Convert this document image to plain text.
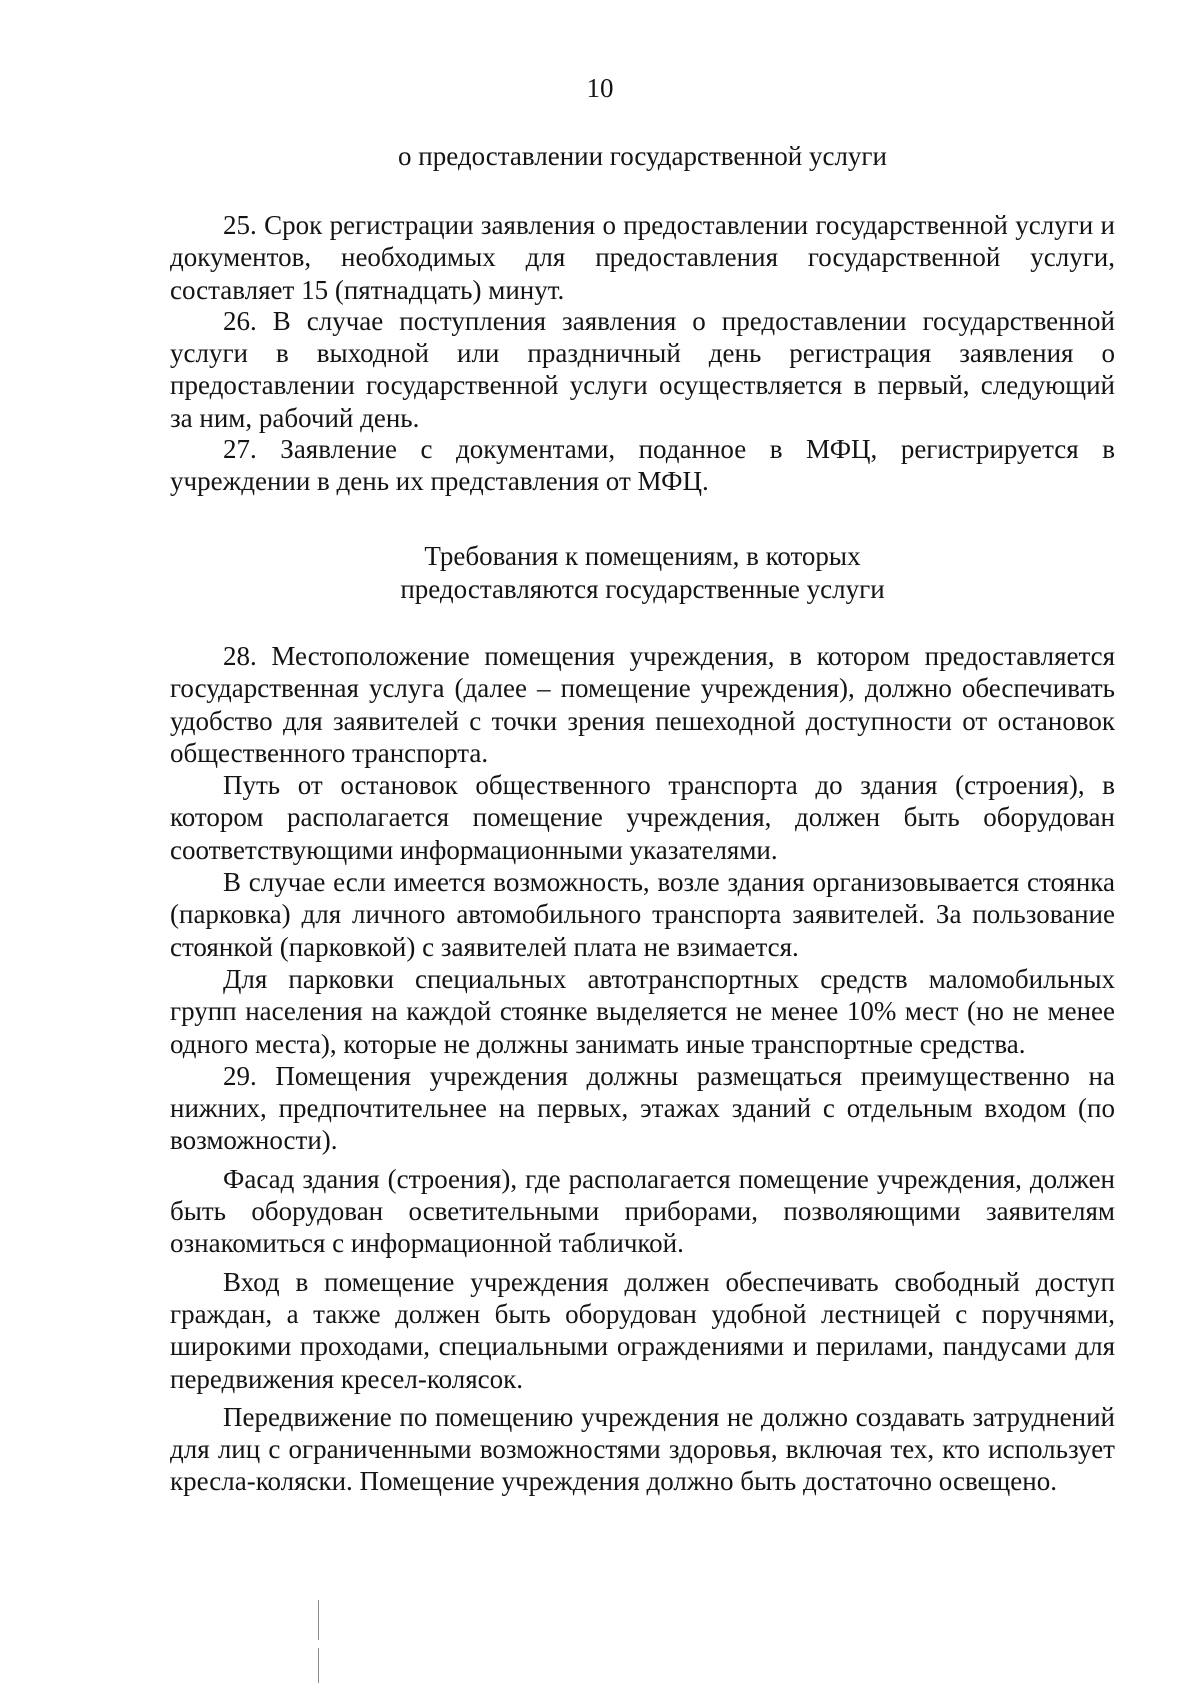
10
о предоставлении государственной услуги

25. Срок регистрации заявления о предоставлении государственной услуги и документов, необходимых для предоставления государственной услуги, составляет 15 (пятнадцать) минут.

26. В случае поступления заявления о предоставлении государственной услуги в выходной или праздничный день регистрация заявления о предоставлении государственной услуги осуществляется в первый, следующий за ним, рабочий день.

27. Заявление с документами, поданное в МФЦ, регистрируется в учреждении в день их представления от МФЦ.

Требования к помещениям, в которых
предоставляются государственные услуги

28. Местоположение помещения учреждения, в котором предоставляется государственная услуга (далее – помещение учреждения), должно обеспечивать удобство для заявителей с точки зрения пешеходной доступности от остановок общественного транспорта.

Путь от остановок общественного транспорта до здания (строения), в котором располагается помещение учреждения, должен быть оборудован соответствующими информационными указателями.

В случае если имеется возможность, возле здания организовывается стоянка (парковка) для личного автомобильного транспорта заявителей. За пользование стоянкой (парковкой) с заявителей плата не взимается.

Для парковки специальных автотранспортных средств маломобильных групп населения на каждой стоянке выделяется не менее 10% мест (но не менее одного места), которые не должны занимать иные транспортные средства.

29. Помещения учреждения должны размещаться преимущественно на нижних, предпочтительнее на первых, этажах зданий с отдельным входом (по возможности).

Фасад здания (строения), где располагается помещение учреждения, должен быть оборудован осветительными приборами, позволяющими заявителям ознакомиться с информационной табличкой.

Вход в помещение учреждения должен обеспечивать свободный доступ граждан, а также должен быть оборудован удобной лестницей с поручнями, широкими проходами, специальными ограждениями и перилами, пандусами для передвижения кресел-колясок.

Передвижение по помещению учреждения не должно создавать затруднений для лиц с ограниченными возможностями здоровья, включая тех, кто использует кресла-коляски. Помещение учреждения должно быть достаточно освещено.
